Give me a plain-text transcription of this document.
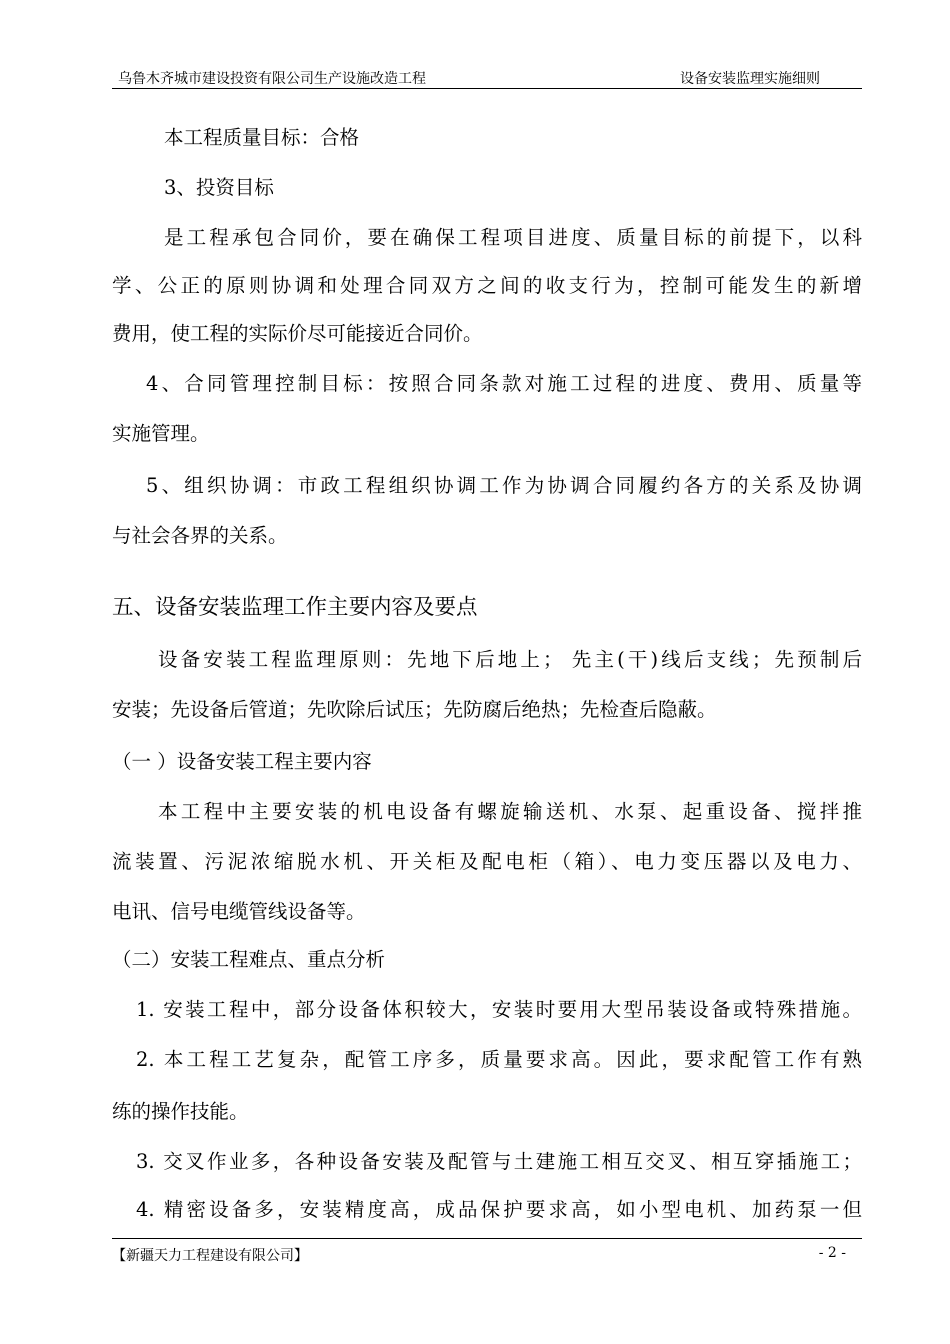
乌鲁木齐城市建设投资有限公司生产设施改造工程	设备安装监理实施细则
本工程质量目标：合格
3、投资目标
是工程承包合同价，要在确保工程项目进度、质量目标的前提下，以科
学、公正的原则协调和处理合同双方之间的收支行为，控制可能发生的新增
费用，使工程的实际价尽可能接近合同价。
4、合同管理控制目标：按照合同条款对施工过程的进度、费用、质量等
实施管理。
5、组织协调：市政工程组织协调工作为协调合同履约各方的关系及协调
与社会各界的关系。
五、设备安装监理工作主要内容及要点
设备安装工程监理原则：先地下后地上； 先主(干)线后支线；先预制后
安装；先设备后管道；先吹除后试压；先防腐后绝热；先检查后隐蔽。
（一 ）设备安装工程主要内容
本工程中主要安装的机电设备有螺旋输送机、水泵、起重设备、搅拌推
流装置、污泥浓缩脱水机、开关柜及配电柜（箱）、电力变压器以及电力、
电讯、信号电缆管线设备等。
（二）安装工程难点、重点分析
1. 安装工程中，部分设备体积较大，安装时要用大型吊装设备或特殊措施。
2. 本工程工艺复杂，配管工序多，质量要求高。因此，要求配管工作有熟
练的操作技能。
3. 交叉作业多，各种设备安装及配管与土建施工相互交叉、相互穿插施工；
4. 精密设备多，安装精度高，成品保护要求高，如小型电机、加药泵一但
【新疆天力工程建设有限公司】	- 2 -
